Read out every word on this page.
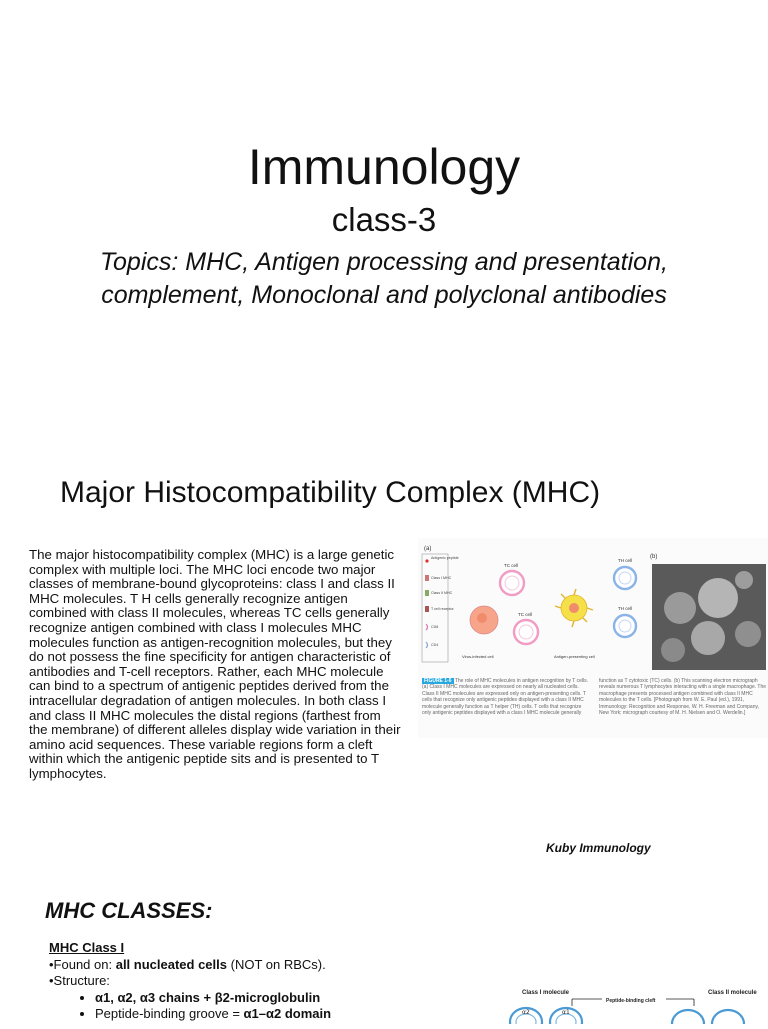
Immunology
class-3
Topics: MHC, Antigen processing and presentation,
complement, Monoclonal and polyclonal antibodies
Major Histocompatibility Complex (MHC)
The major histocompatibility complex (MHC) is a large genetic complex with multiple loci. The MHC loci encode two major classes of membrane-bound glycoproteins: class I and class II MHC molecules. T H cells generally recognize antigen combined with class II molecules, whereas TC cells generally recognize antigen combined with class I molecules MHC molecules function as antigen-recognition molecules, but they do not possess the fine specificity for antigen characteristic of antibodies and T-cell receptors. Rather, each MHC molecule can bind to a spectrum of antigenic peptides derived from the intracellular degradation of antigen molecules. In both class I and class II MHC molecules the distal regions (farthest from the membrane) of different alleles display wide variation in their amino acid sequences. These variable regions form a cleft within which the antigenic peptide sits and is presented to T lymphocytes.
(a)
Antigenic peptide
Class I MHC
Class II MHC
T cell receptor
CD8
CD4
TC cell
TC cell
Virus-infected cell	Antigen-presenting cell
TH cell
TH cell
(b)
FIGURE 1-6 The role of MHC molecules in antigen recognition by T cells. (a) Class I MHC molecules are expressed on nearly all nucleated cells. Class II MHC molecules are expressed only on antigen-presenting cells. T cells that recognize only antigenic peptides displayed with a class II MHC molecule generally function as T helper (TH) cells. T cells that recognize only antigenic peptides displayed with a class I MHC molecule generally function as T cytotoxic (TC) cells. (b) This scanning electron micrograph reveals numerous T lymphocytes interacting with a single macrophage. The macrophage presents processed antigen combined with class II MHC molecules to the T cells. [Photograph from W. E. Paul (ed.), 1991, Immunology: Recognition and Response, W. H. Freeman and Company, New York; micrograph courtesy of M. H. Nielsen and O. Werdelin.]
Kuby Immunology
MHC CLASSES:
MHC Class I
•Found on: all nucleated cells (NOT on RBCs).
•Structure:
• α1, α2, α3 chains + β2-microglobulin
• Peptide-binding groove = α1–α2 domain
Class I molecule	Class II molecule
Peptide-binding cleft
α2	α1
